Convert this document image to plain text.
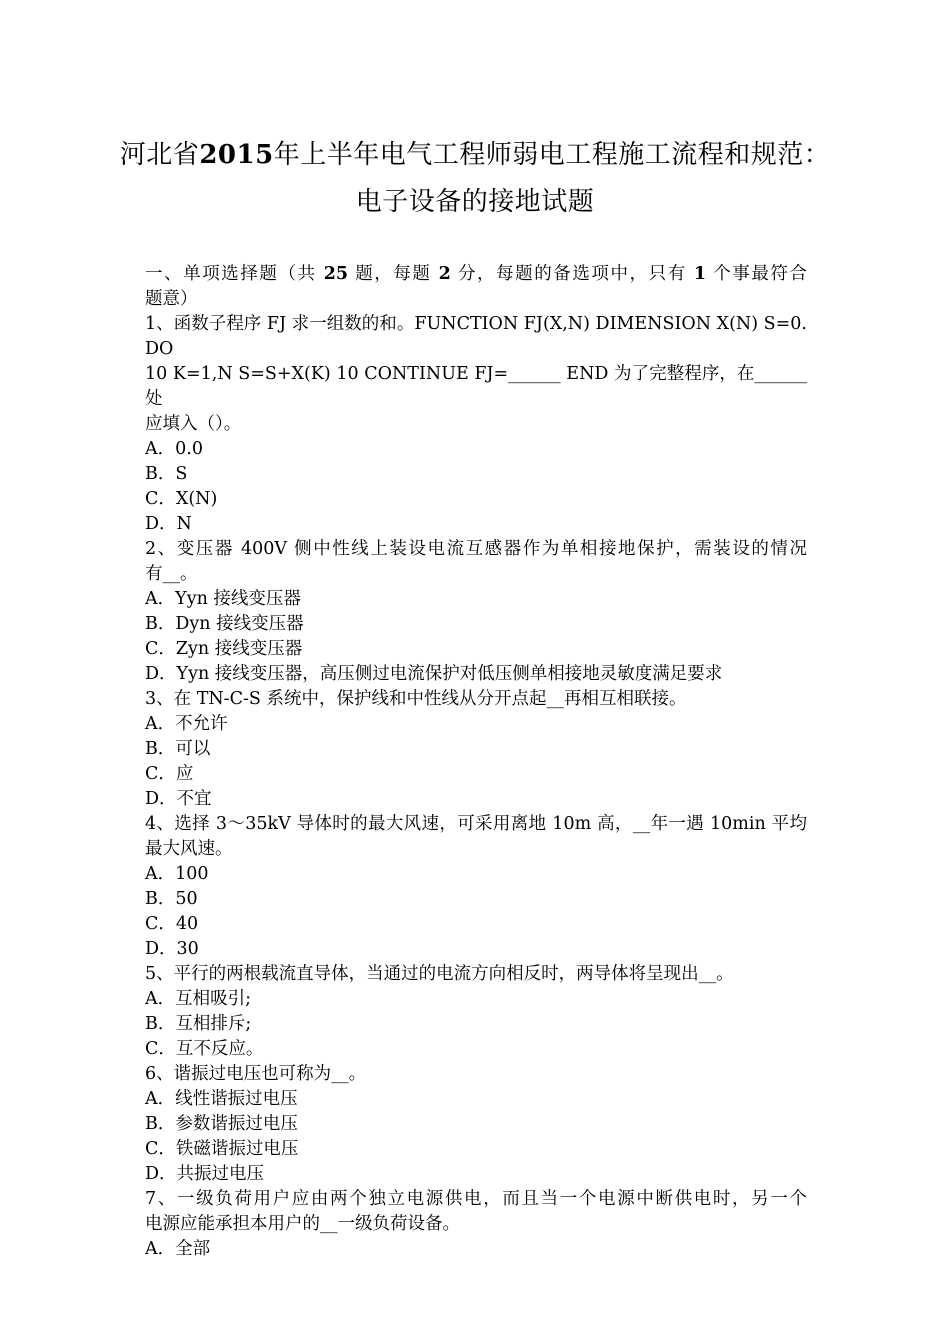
河北省2015年上半年电气工程师弱电工程施工流程和规范：
电子设备的接地试题

一、单项选择题（共 25 题，每题 2 分，每题的备选项中，只有 1 个事最符合

题意）

1、函数子程序 FJ 求一组数的和。FUNCTION FJ(X,N) DIMENSION X(N) S=0. DO

10 K=1,N S=S+X(K) 10 CONTINUE FJ=______ END 为了完整程序，在______处

应填入（）。

A．0.0

B．S

C．X(N)

D．N

2、变压器 400V 侧中性线上装设电流互感器作为单相接地保护，需装设的情况

有__。

A．Yyn 接线变压器

B．Dyn 接线变压器

C．Zyn 接线变压器

D．Yyn 接线变压器，高压侧过电流保护对低压侧单相接地灵敏度满足要求

3、在 TN-C-S 系统中，保护线和中性线从分开点起__再相互相联接。

A．不允许

B．可以

C．应

D．不宜

4、选择 3～35kV 导体时的最大风速，可采用离地 10m 高，__年一遇 10min 平均

最大风速。

A．100

B．50

C．40

D．30

5、平行的两根载流直导体，当通过的电流方向相反时，两导体将呈现出__。

A．互相吸引;

B．互相排斥;

C．互不反应。

6、谐振过电压也可称为__。

A．线性谐振过电压

B．参数谐振过电压

C．铁磁谐振过电压

D．共振过电压

7、一级负荷用户应由两个独立电源供电，而且当一个电源中断供电时，另一个

电源应能承担本用户的__一级负荷设备。

A．全部
